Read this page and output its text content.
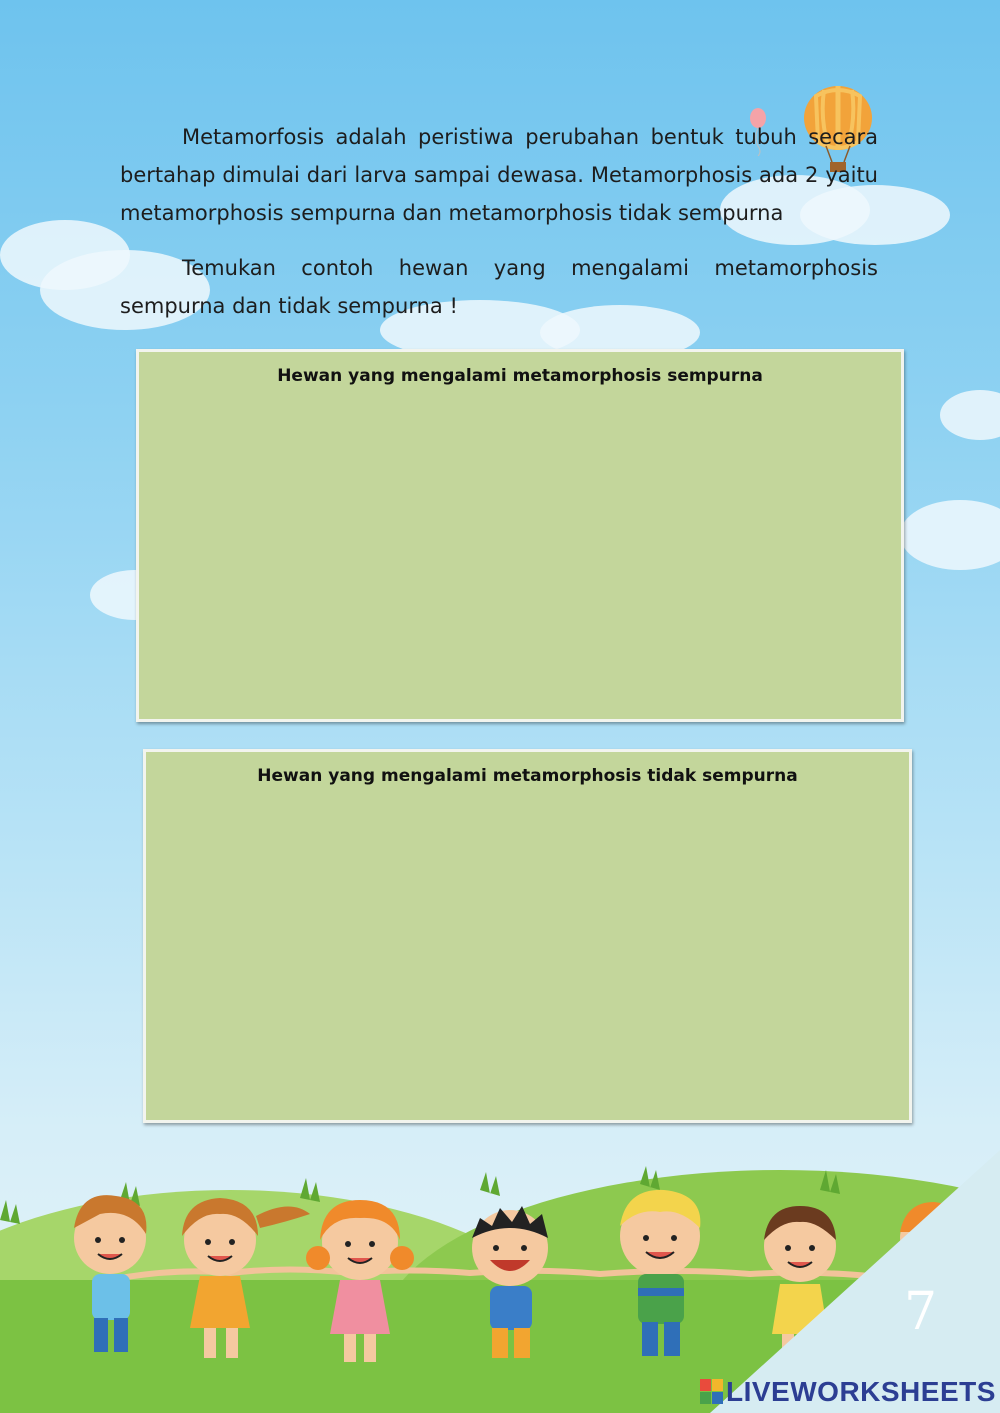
Metamorfosis adalah peristiwa perubahan bentuk tubuh secara bertahap dimulai dari larva sampai dewasa. Metamorphosis ada 2 yaitu metamorphosis sempurna dan metamorphosis tidak sempurna

Temukan contoh hewan yang mengalami metamorphosis sempurna dan tidak sempurna !

Hewan yang mengalami metamorphosis sempurna
Hewan yang mengalami metamorphosis tidak sempurna
7
LIVEWORKSHEETS
